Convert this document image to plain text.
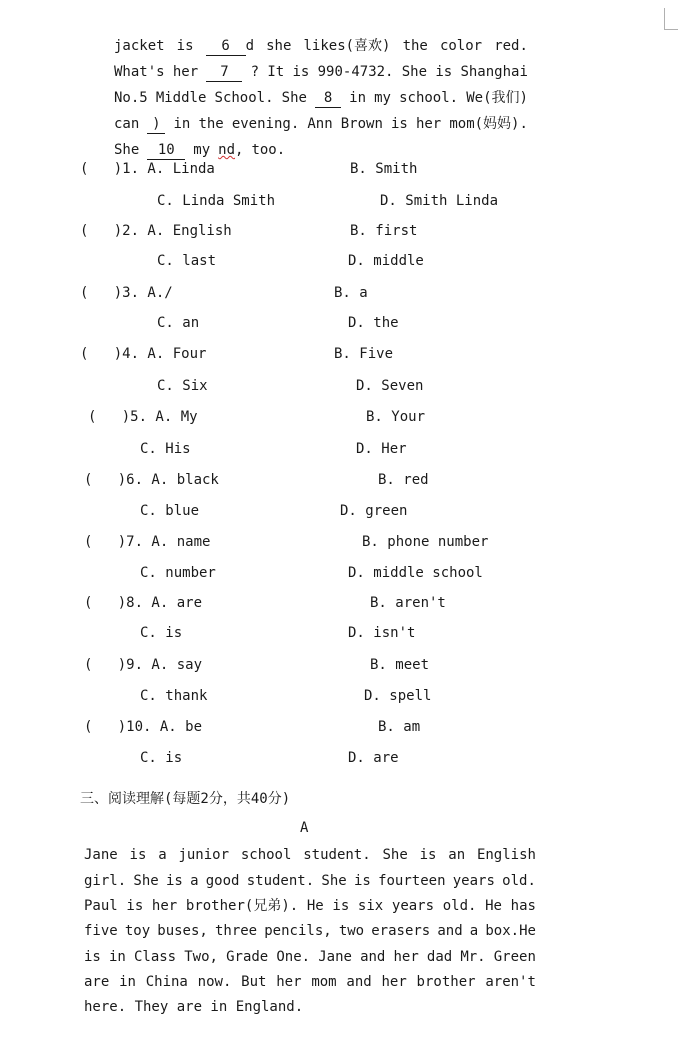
jacket is	6 d she likes(喜欢) the color red.
What's her	7	? It is 990-4732. She is Shanghai
No.5 Middle School. She	8	in my school. We(我们)
can ) in the evening. Ann Brown is her mom(妈妈).
She 10 my nd, too.
(   )1. A. Linda	B. Smith
C. Linda Smith	D. Smith Linda
(   )2. A. English	B. first
C. last	D. middle
(   )3. A./	B. a
C. an	D. the
(   )4. A. Four	B. Five
C. Six	D. Seven
(   )5. A. My	B. Your
C. His	D. Her
(   )6. A. black	B. red
C. blue	D. green
(   )7. A. name	B. phone number
C. number	D. middle school
(   )8. A. are	B. aren't
C. is	D. isn't
(   )9. A. say	B. meet
C. thank	D. spell
(   )10. A. be	B. am
C. is	D. are
三、阅读理解(每题2分，共40分)
A
Jane is a junior school student. She is an English
girl. She is a good student. She is fourteen years old.
Paul is her brother(兄弟). He is six years old. He has
five toy buses, three pencils, two erasers and a box.He
is in Class Two, Grade One. Jane and her dad Mr. Green
are in China now. But her mom and her brother aren't
here. They are in England.
